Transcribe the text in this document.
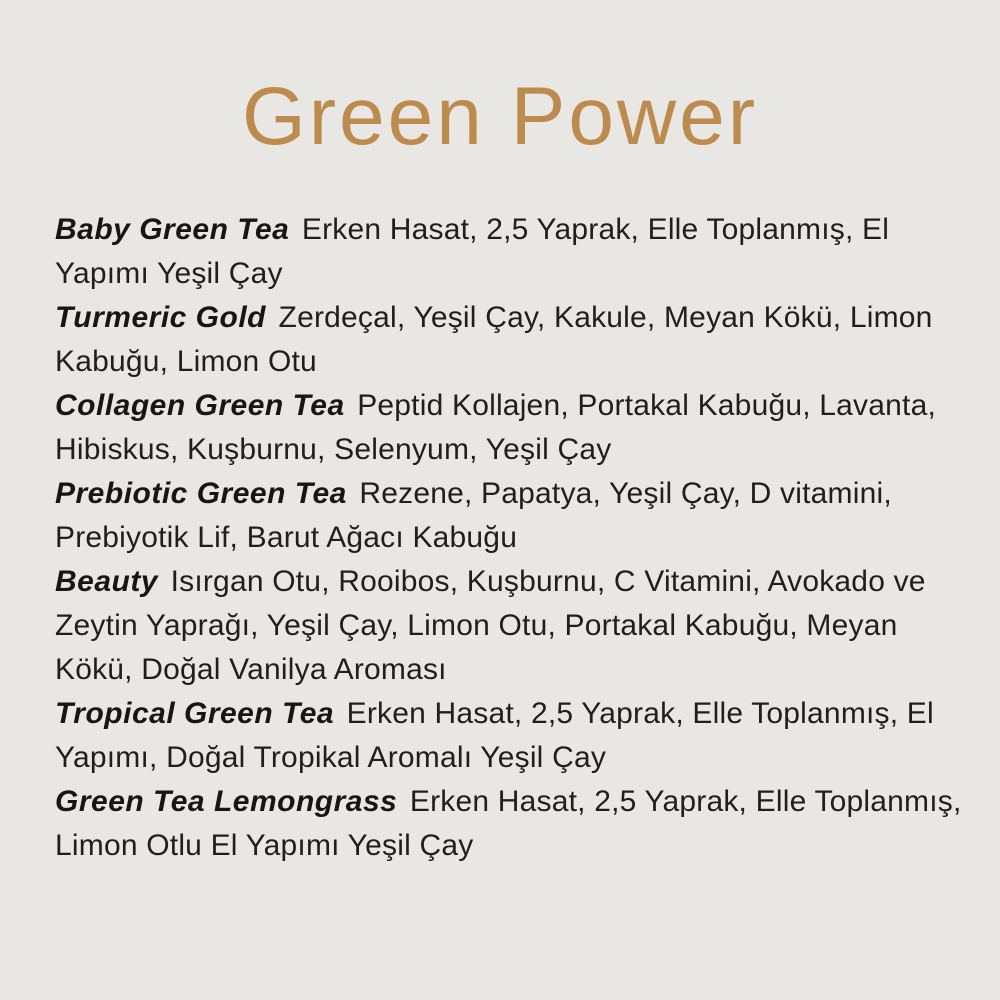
Green Power

Baby Green Tea Erken Hasat, 2,5 Yaprak, Elle Toplanmış, El Yapımı Yeşil Çay

Turmeric Gold Zerdeçal, Yeşil Çay, Kakule, Meyan Kökü, Limon Kabuğu, Limon Otu

Collagen Green Tea Peptid Kollajen, Portakal Kabuğu, Lavanta, Hibiskus, Kuşburnu, Selenyum, Yeşil Çay

Prebiotic Green Tea Rezene, Papatya, Yeşil Çay, D vitamini, Prebiyotik Lif, Barut Ağacı Kabuğu

Beauty Isırgan Otu, Rooibos, Kuşburnu, C Vitamini, Avokado ve Zeytin Yaprağı, Yeşil Çay, Limon Otu, Portakal Kabuğu, Meyan Kökü, Doğal Vanilya Aroması

Tropical Green Tea Erken Hasat, 2,5 Yaprak, Elle Toplanmış, El Yapımı, Doğal Tropikal Aromalı Yeşil Çay

Green Tea Lemongrass Erken Hasat, 2,5 Yaprak, Elle Toplanmış, Limon Otlu El Yapımı Yeşil Çay
